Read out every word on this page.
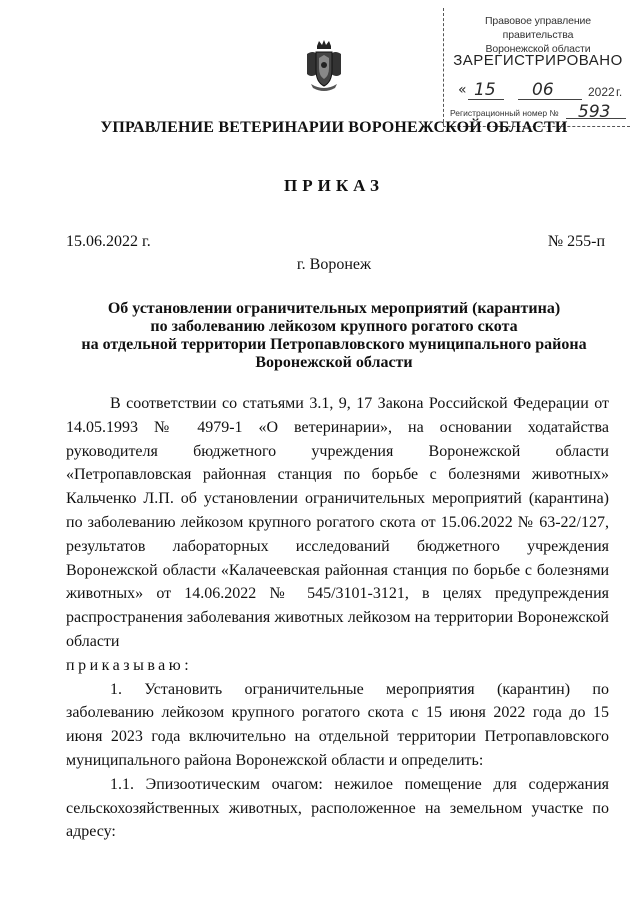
Правовое управление правительства
Воронежской области
ЗАРЕГИСТРИРОВАНО
« 15 06	2022 г.
Регистрационный номер № 593
УПРАВЛЕНИЕ ВЕТЕРИНАРИИ ВОРОНЕЖСКОЙ ОБЛАСТИ
ПРИКАЗ
15.06.2022 г.	№ 255-п
г. Воронеж
Об установлении ограничительных мероприятий (карантина)
по заболеванию лейкозом крупного рогатого скота
на отдельной территории Петропавловского муниципального района
Воронежской области

В соответствии со статьями 3.1, 9, 17 Закона Российской Федерации от 14.05.1993 № 4979-1 «О ветеринарии», на основании ходатайства руководителя бюджетного учреждения Воронежской области «Петропавловская районная станция по борьбе с болезнями животных» Кальченко Л.П. об установлении ограничительных мероприятий (карантина) по заболеванию лейкозом крупного рогатого скота от 15.06.2022 № 63-22/127, результатов лабораторных исследований бюджетного учреждения Воронежской области «Калачеевская районная станция по борьбе с болезнями животных» от 14.06.2022 № 545/3101-3121, в целях предупреждения распространения заболевания животных лейкозом на территории Воронежской области

приказываю:

1. Установить ограничительные мероприятия (карантин) по заболеванию лейкозом крупного рогатого скота с 15 июня 2022 года до 15 июня 2023 года включительно на отдельной территории Петропавловского муниципального района Воронежской области и определить:

1.1. Эпизоотическим очагом: нежилое помещение для содержания сельскохозяйственных животных, расположенное на земельном участке по адресу:
